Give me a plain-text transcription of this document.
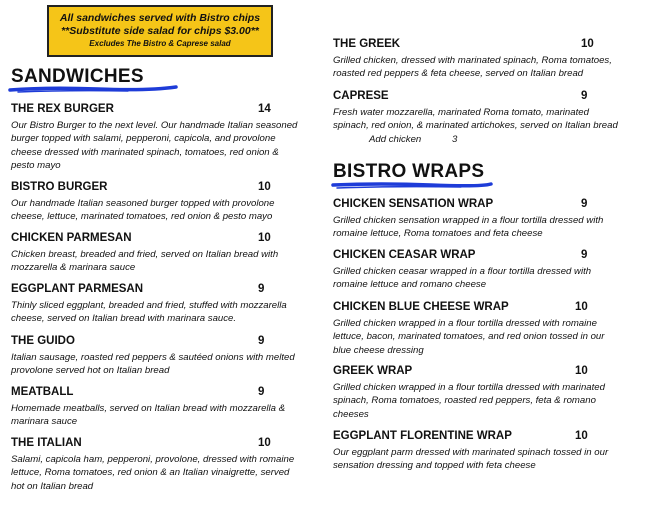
All sandwiches served with Bistro chips
**Substitute side salad for chips $3.00**
Excludes The Bistro & Caprese salad
SANDWICHES
THE REX BURGER	14
Our Bistro Burger to the next level. Our handmade Italian seasoned burger topped with salami, pepperoni, capicola, and provolone cheese dressed with marinated spinach, tomatoes, red onion & pesto mayo
BISTRO BURGER	10
Our handmade Italian seasoned burger topped with provolone cheese, lettuce, marinated tomatoes, red onion & pesto mayo
CHICKEN PARMESAN	10
Chicken breast, breaded and fried, served on Italian bread with mozzarella & marinara sauce
EGGPLANT PARMESAN	9
Thinly sliced eggplant, breaded and fried, stuffed with mozzarella cheese, served on Italian bread with marinara sauce.
THE GUIDO	9
Italian sausage, roasted red peppers & sautéed onions with melted provolone served hot on Italian bread
MEATBALL	9
Homemade meatballs, served on Italian bread with mozzarella & marinara sauce
THE ITALIAN	10
Salami, capicola ham, pepperoni, provolone, dressed with romaine lettuce, Roma tomatoes, red onion & an Italian vinaigrette, served hot on Italian bread
THE GREEK	10
Grilled chicken, dressed with marinated spinach, Roma tomatoes, roasted red peppers & feta cheese, served on Italian bread
CAPRESE	9
Fresh water mozzarella, marinated Roma tomato, marinated spinach, red onion, & marinated artichokes, served on Italian bread Add chicken	3
BISTRO WRAPS
CHICKEN SENSATION WRAP	9
Grilled chicken sensation wrapped in a flour tortilla dressed with romaine lettuce, Roma tomatoes and feta cheese
CHICKEN CEASAR WRAP	9
Grilled chicken ceasar wrapped in a flour tortilla dressed with romaine lettuce and romano cheese
CHICKEN BLUE CHEESE WRAP	10
Grilled chicken wrapped in a flour tortilla dressed with romaine lettuce, bacon, marinated tomatoes, and red onion tossed in our blue cheese dressing
GREEK WRAP	10
Grilled chicken wrapped in a flour tortilla dressed with marinated spinach, Roma tomatoes, roasted red peppers, feta & romano cheeses
EGGPLANT FLORENTINE WRAP	10
Our eggplant parm dressed with marinated spinach tossed in our sensation dressing and topped with feta cheese
